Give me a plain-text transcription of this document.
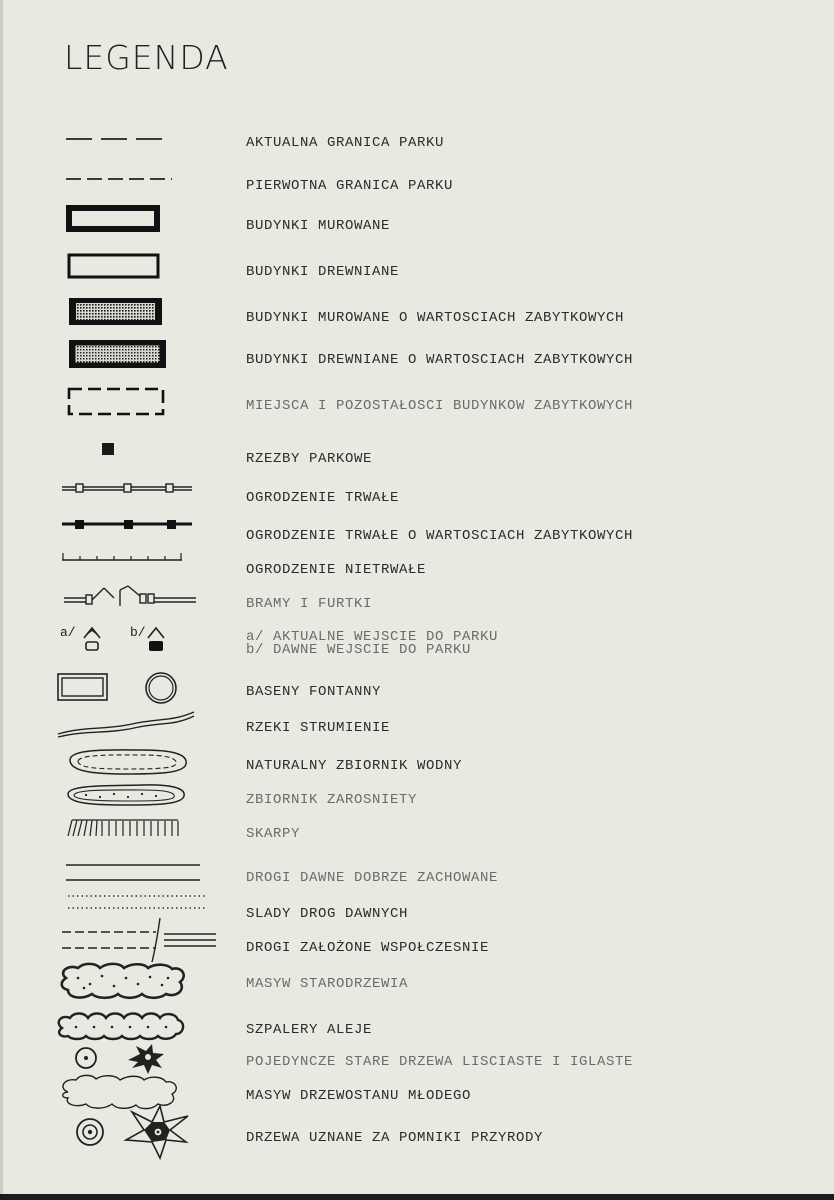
LEGENDA
AKTUALNA GRANICA PARKU
PIERWOTNA GRANICA PARKU
BUDYNKI MUROWANE
BUDYNKI DREWNIANE
BUDYNKI MUROWANE O WARTOSCIACH ZABYTKOWYCH
BUDYNKI DREWNIANE O WARTOSCIACH ZABYTKOWYCH
MIEJSCA I POZOSTAŁOSCI BUDYNKOW ZABYTKOWYCH
RZEZBY PARKOWE
OGRODZENIE TRWAŁE
OGRODZENIE TRWAŁE O WARTOSCIACH ZABYTKOWYCH
OGRODZENIE NIETRWAŁE
BRAMY I FURTKI
a/	b/	a/ AKTUALNE WEJSCIE DO PARKU
b/ DAWNE WEJSCIE DO PARKU
BASENY FONTANNY
RZEKI STRUMIENIE
NATURALNY ZBIORNIK WODNY
ZBIORNIK ZAROSNIETY
SKARPY
DROGI DAWNE DOBRZE ZACHOWANE
SLADY DROG DAWNYCH
DROGI ZAŁOŻONE WSPOŁCZESNIE
MASYW STARODRZEWIA
SZPALERY ALEJE
POJEDYNCZE STARE DRZEWA LISCIASTE I IGLASTE
MASYW DRZEWOSTANU MŁODEGO
DRZEWA UZNANE ZA POMNIKI PRZYRODY
